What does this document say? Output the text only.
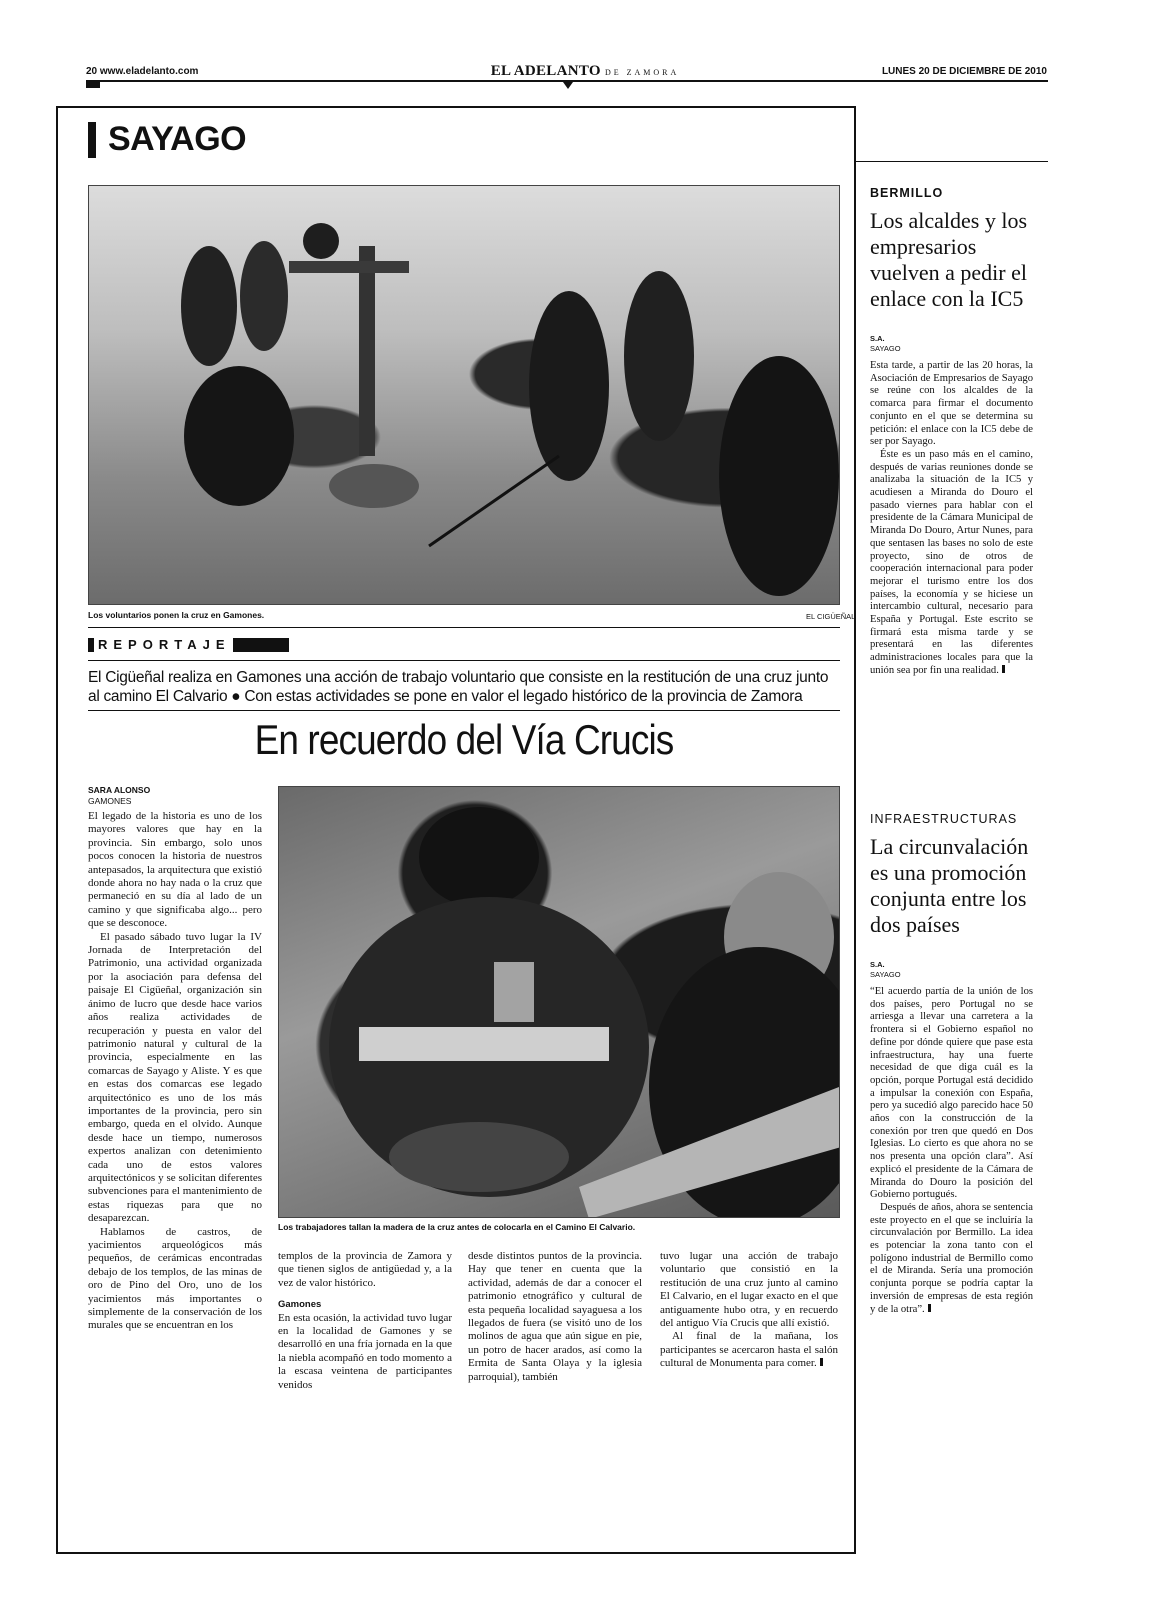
20 www.eladelanto.com	EL ADELANTO DE ZAMORA	LUNES 20 DE DICIEMBRE DE 2010
SAYAGO
Los voluntarios ponen la cruz en Gamones.	EL CIGÜEÑAL
REPORTAJE
El Cigüeñal realiza en Gamones una acción de trabajo voluntario que consiste en la restitución de una cruz junto al camino El Calvario ● Con estas actividades se pone en valor el legado histórico de la provincia de Zamora
En recuerdo del Vía Crucis
SARA ALONSO
GAMONES

El legado de la historia es uno de los mayores valores que hay en la provincia. Sin embargo, solo unos pocos conocen la historia de nuestros antepasados, la arquitectura que existió donde ahora no hay nada o la cruz que permaneció en su día al lado de un camino y que significaba algo... pero que se desconoce.

El pasado sábado tuvo lugar la IV Jornada de Interpretación del Patrimonio, una actividad organizada por la asociación para defensa del paisaje El Cigüeñal, organización sin ánimo de lucro que desde hace varios años realiza actividades de recuperación y puesta en valor del patrimonio natural y cultural de la provincia, especialmente en las comarcas de Sayago y Aliste. Y es que en estas dos comarcas ese legado arquitectónico es uno de los más importantes de la provincia, pero sin embargo, queda en el olvido. Aunque desde hace un tiempo, numerosos expertos analizan con detenimiento cada uno de estos valores arquitectónicos y se solicitan diferentes subvenciones para el mantenimiento de estas riquezas para que no desaparezcan.

Hablamos de castros, de yacimientos arqueológicos más pequeños, de cerámicas encontradas debajo de los templos, de las minas de oro de Pino del Oro, uno de los yacimientos más importantes o simplemente de la conservación de los murales que se encuentran en los

Los trabajadores tallan la madera de la cruz antes de colocarla en el Camino El Calvario.

templos de la provincia de Zamora y que tienen siglos de antigüedad y, a la vez de valor histórico.

Gamones

En esta ocasión, la actividad tuvo lugar en la localidad de Gamones y se desarrolló en una fría jornada en la que la niebla acompañó en todo momento a la escasa veintena de participantes venidos

desde distintos puntos de la provincia. Hay que tener en cuenta que la actividad, además de dar a conocer el patrimonio etnográfico y cultural de esta pequeña localidad sayaguesa a los llegados de fuera (se visitó uno de los molinos de agua que aún sigue en pie, un potro de hacer arados, así como la Ermita de Santa Olaya y la iglesia parroquial), también

tuvo lugar una acción de trabajo voluntario que consistió en la restitución de una cruz junto al camino El Calvario, en el lugar exacto en el que antiguamente hubo otra, y en recuerdo del antiguo Vía Crucis que allí existió.

Al final de la mañana, los participantes se acercaron hasta el salón cultural de Monumenta para comer.

BERMILLO
Los alcaldes y los empresarios vuelven a pedir el enlace con la IC5
S.A.
SAYAGO

Esta tarde, a partir de las 20 horas, la Asociación de Empresarios de Sayago se reúne con los alcaldes de la comarca para firmar el documento conjunto en el que se determina su petición: el enlace con la IC5 debe de ser por Sayago.

Éste es un paso más en el camino, después de varias reuniones donde se analizaba la situación de la IC5 y acudiesen a Miranda do Douro el pasado viernes para hablar con el presidente de la Cámara Municipal de Miranda Do Douro, Artur Nunes, para que sentasen las bases no solo de este proyecto, sino de otros de cooperación internacional para poder mejorar el turismo entre los dos países, la economía y se hiciese un intercambio cultural, necesario para España y Portugal. Este escrito se firmará esta misma tarde y se presentará en las diferentes administraciones locales para que la unión sea por fin una realidad.

INFRAESTRUCTURAS
La circunvalación es una promoción conjunta entre los dos países
S.A.
SAYAGO

“El acuerdo partía de la unión de los dos países, pero Portugal no se arriesga a llevar una carretera a la frontera si el Gobierno español no define por dónde quiere que pase esta infraestructura, hay una fuerte necesidad de que diga cuál es la opción, porque Portugal está decidido a impulsar la conexión con España, pero ya sucedió algo parecido hace 50 años con la construcción de la conexión por tren que quedó en Dos Iglesias. Lo cierto es que ahora no se nos presenta una opción clara”. Así explicó el presidente de la Cámara de Miranda do Douro la posición del Gobierno portugués.

Después de años, ahora se sentencia este proyecto en el que se incluiría la circunvalación por Bermillo. La idea es potenciar la zona tanto con el polígono industrial de Bermillo como el de Miranda. Sería una promoción conjunta porque se podría captar la inversión de empresas de esta región y de la otra”.
